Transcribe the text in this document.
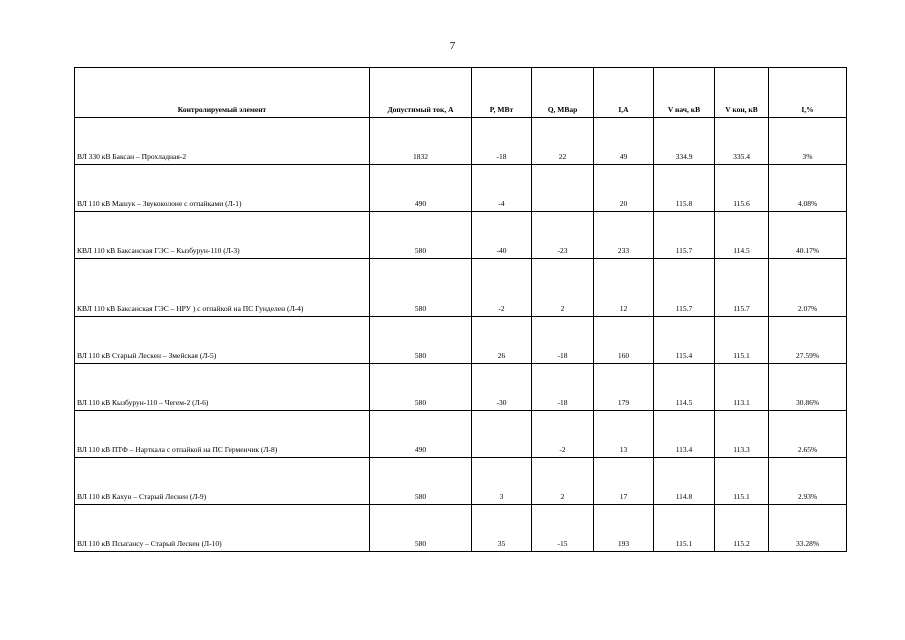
7
Контролируемый элемент	Допустимый ток, А	P, МВт	Q, МВар	I,А	V нач, кВ	V кон, кВ	I,%
ВЛ 330 кВ Баксан – Прохладная-2	1832	-18	22	49	334.9	335.4	3%
ВЛ 110 кВ Машук – Звукоколоне с отпайками (Л-1)	490	-4		20	115.8	115.6	4.08%
КВЛ 110 кВ Баксанская ГЭС – Кызбурун-110 (Л-3)	580	-40	-23	233	115.7	114.5	40.17%
КВЛ 110 кВ Баксанская ГЭС – НРУ ) с отпайкой на ПС Гунделен (Л-4)	580	-2	2	12	115.7	115.7	2.07%
ВЛ 110 кВ Старый Лескен – Змейская (Л-5)	580	26	-18	160	115.4	115.1	27.59%
ВЛ 110 кВ Кызбурун-110 – Чегем-2 (Л-6)	580	-30	-18	179	114.5	113.1	30.86%
ВЛ 110 кВ ПТФ – Нарткала с отпайкой на ПС Герменчик (Л-8)	490		-2	13	113.4	113.3	2.65%
ВЛ 110 кВ Кахун – Старый Лескен (Л-9)	580	3	2	17	114.8	115.1	2.93%
ВЛ 110 кВ Псыгансу – Старый Лескен (Л-10)	580	35	-15	193	115.1	115.2	33.28%
